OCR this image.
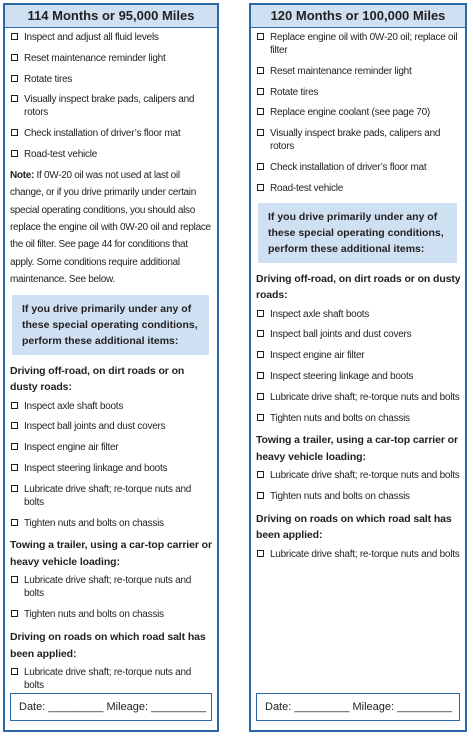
114 Months or 95,000 Miles
Inspect and adjust all fluid levels
Reset maintenance reminder light
Rotate tires
Visually inspect brake pads, calipers and rotors
Check installation of driver’s floor mat
Road-test vehicle
Note: If 0W-20 oil was not used at last oil change, or if you drive primarily under certain special operating conditions, you should also replace the engine oil with 0W-20 oil and replace the oil filter. See page 44 for conditions that apply. Some conditions require additional maintenance. See below.
If you drive primarily under any of these special operating conditions, perform these additional items:
Driving off-road, on dirt roads or on dusty roads:
Inspect axle shaft boots
Inspect ball joints and dust covers
Inspect engine air filter
Inspect steering linkage and boots
Lubricate drive shaft; re-torque nuts and bolts
Tighten nuts and bolts on chassis
Towing a trailer, using a car-top carrier or heavy vehicle loading:
Lubricate drive shaft; re-torque nuts and bolts
Tighten nuts and bolts on chassis
Driving on roads on which road salt has been applied:
Lubricate drive shaft; re-torque nuts and bolts
Date: _________ Mileage: _________
120 Months or 100,000 Miles
Replace engine oil with 0W-20 oil; replace oil filter
Reset maintenance reminder light
Rotate tires
Replace engine coolant (see page 70)
Visually inspect brake pads, calipers and rotors
Check installation of driver’s floor mat
Road-test vehicle
If you drive primarily under any of these special operating conditions, perform these additional items:
Driving off-road, on dirt roads or on dusty roads:
Inspect axle shaft boots
Inspect ball joints and dust covers
Inspect engine air filter
Inspect steering linkage and boots
Lubricate drive shaft; re-torque nuts and bolts
Tighten nuts and bolts on chassis
Towing a trailer, using a car-top carrier or heavy vehicle loading:
Lubricate drive shaft; re-torque nuts and bolts
Tighten nuts and bolts on chassis
Driving on roads on which road salt has been applied:
Lubricate drive shaft; re-torque nuts and bolts
Date: _________ Mileage: _________
